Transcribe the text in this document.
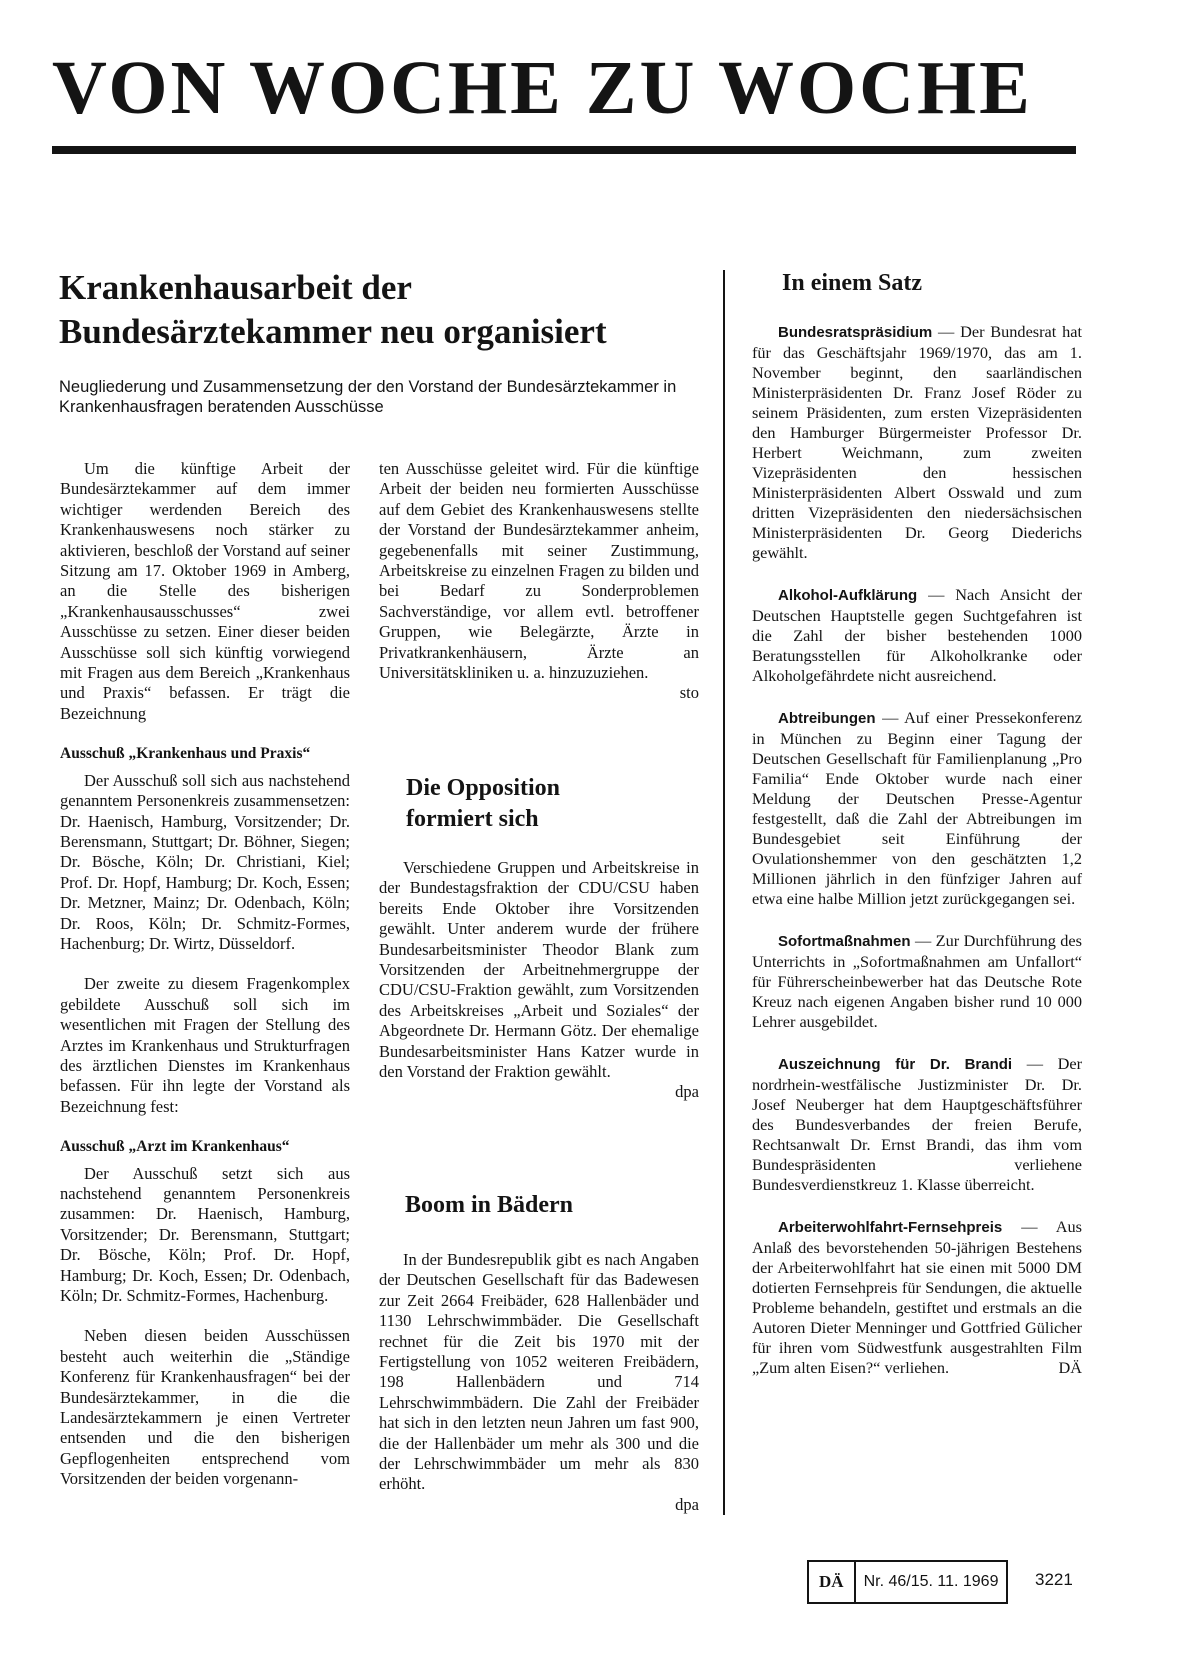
VON WOCHE ZU WOCHE
Krankenhausarbeit der
Bundesärztekammer neu organisiert

Neugliederung und Zusammensetzung der den Vorstand der Bundesärztekammer in Krankenhausfragen beratenden Ausschüsse

Um die künftige Arbeit der Bundesärztekammer auf dem immer wichtiger werdenden Bereich des Krankenhauswesens noch stärker zu aktivieren, beschloß der Vorstand auf seiner Sitzung am 17. Oktober 1969 in Amberg, an die Stelle des bisherigen „Krankenhausausschusses“ zwei Ausschüsse zu setzen. Einer dieser beiden Ausschüsse soll sich künftig vorwiegend mit Fragen aus dem Bereich „Krankenhaus und Praxis“ befassen. Er trägt die Bezeichnung

Ausschuß „Krankenhaus und Praxis“

Der Ausschuß soll sich aus nachstehend genanntem Personenkreis zusammensetzen: Dr. Haenisch, Hamburg, Vorsitzender; Dr. Berensmann, Stuttgart; Dr. Böhner, Siegen; Dr. Bösche, Köln; Dr. Christiani, Kiel; Prof. Dr. Hopf, Hamburg; Dr. Koch, Essen; Dr. Metzner, Mainz; Dr. Odenbach, Köln; Dr. Roos, Köln; Dr. Schmitz-Formes, Hachenburg; Dr. Wirtz, Düsseldorf.

Der zweite zu diesem Fragenkomplex gebildete Ausschuß soll sich im wesentlichen mit Fragen der Stellung des Arztes im Krankenhaus und Strukturfragen des ärztlichen Dienstes im Krankenhaus befassen. Für ihn legte der Vorstand als Bezeichnung fest:

Ausschuß „Arzt im Krankenhaus“

Der Ausschuß setzt sich aus nachstehend genanntem Personenkreis zusammen: Dr. Haenisch, Hamburg, Vorsitzender; Dr. Berensmann, Stuttgart; Dr. Bösche, Köln; Prof. Dr. Hopf, Hamburg; Dr. Koch, Essen; Dr. Odenbach, Köln; Dr. Schmitz-Formes, Hachenburg.

Neben diesen beiden Ausschüssen besteht auch weiterhin die „Ständige Konferenz für Krankenhausfragen“ bei der Bundesärztekammer, in die die Landesärztekammern je einen Vertreter entsenden und die den bisherigen Gepflogenheiten entsprechend vom Vorsitzenden der beiden vorgenann-

ten Ausschüsse geleitet wird. Für die künftige Arbeit der beiden neu formierten Ausschüsse auf dem Gebiet des Krankenhauswesens stellte der Vorstand der Bundesärztekammer anheim, gegebenenfalls mit seiner Zustimmung, Arbeitskreise zu einzelnen Fragen zu bilden und bei Bedarf zu Sonderproblemen Sachverständige, vor allem evtl. betroffener Gruppen, wie Belegärzte, Ärzte in Privatkrankenhäusern, Ärzte an Universitätskliniken u. a. hinzuzuziehen.

sto
Die Opposition
formiert sich

Verschiedene Gruppen und Arbeitskreise in der Bundestagsfraktion der CDU/CSU haben bereits Ende Oktober ihre Vorsitzenden gewählt. Unter anderem wurde der frühere Bundesarbeitsminister Theodor Blank zum Vorsitzenden der Arbeitnehmergruppe der CDU/CSU-Fraktion gewählt, zum Vorsitzenden des Arbeitskreises „Arbeit und Soziales“ der Abgeordnete Dr. Hermann Götz. Der ehemalige Bundesarbeitsminister Hans Katzer wurde in den Vorstand der Fraktion gewählt.

dpa
Boom in Bädern

In der Bundesrepublik gibt es nach Angaben der Deutschen Gesellschaft für das Badewesen zur Zeit 2664 Freibäder, 628 Hallenbäder und 1130 Lehrschwimmbäder. Die Gesellschaft rechnet für die Zeit bis 1970 mit der Fertigstellung von 1052 weiteren Freibädern, 198 Hallenbädern und 714 Lehrschwimmbädern. Die Zahl der Freibäder hat sich in den letzten neun Jahren um fast 900, die der Hallenbäder um mehr als 300 und die der Lehrschwimmbäder um mehr als 830 erhöht.

dpa
In einem Satz

Bundesratspräsidium — Der Bundesrat hat für das Geschäftsjahr 1969/1970, das am 1. November beginnt, den saarländischen Ministerpräsidenten Dr. Franz Josef Röder zu seinem Präsidenten, zum ersten Vizepräsidenten den Hamburger Bürgermeister Professor Dr. Herbert Weichmann, zum zweiten Vizepräsidenten den hessischen Ministerpräsidenten Albert Osswald und zum dritten Vizepräsidenten den niedersächsischen Ministerpräsidenten Dr. Georg Diederichs gewählt.

Alkohol-Aufklärung — Nach Ansicht der Deutschen Hauptstelle gegen Suchtgefahren ist die Zahl der bisher bestehenden 1000 Beratungsstellen für Alkoholkranke oder Alkoholgefährdete nicht ausreichend.

Abtreibungen — Auf einer Pressekonferenz in München zu Beginn einer Tagung der Deutschen Gesellschaft für Familienplanung „Pro Familia“ Ende Oktober wurde nach einer Meldung der Deutschen Presse-Agentur festgestellt, daß die Zahl der Abtreibungen im Bundesgebiet seit Einführung der Ovulationshemmer von den geschätzten 1,2 Millionen jährlich in den fünfziger Jahren auf etwa eine halbe Million jetzt zurückgegangen sei.

Sofortmaßnahmen — Zur Durchführung des Unterrichts in „Sofortmaßnahmen am Unfallort“ für Führerscheinbewerber hat das Deutsche Rote Kreuz nach eigenen Angaben bisher rund 10 000 Lehrer ausgebildet.

Auszeichnung für Dr. Brandi — Der nordrhein-westfälische Justizminister Dr. Dr. Josef Neuberger hat dem Hauptgeschäftsführer des Bundesverbandes der freien Berufe, Rechtsanwalt Dr. Ernst Brandi, das ihm vom Bundespräsidenten verliehene Bundesverdienstkreuz 1. Klasse überreicht.

Arbeiterwohlfahrt-Fernsehpreis — Aus Anlaß des bevorstehenden 50-jährigen Bestehens der Arbeiterwohlfahrt hat sie einen mit 5000 DM dotierten Fernsehpreis für Sendungen, die aktuelle Probleme behandeln, gestiftet und erstmals an die Autoren Dieter Menninger und Gottfried Gülicher für ihren vom Südwestfunk ausgestrahlten Film „Zum alten Eisen?“ verliehen.	DÄ
DÄ	Nr. 46/15. 11. 1969	3221
